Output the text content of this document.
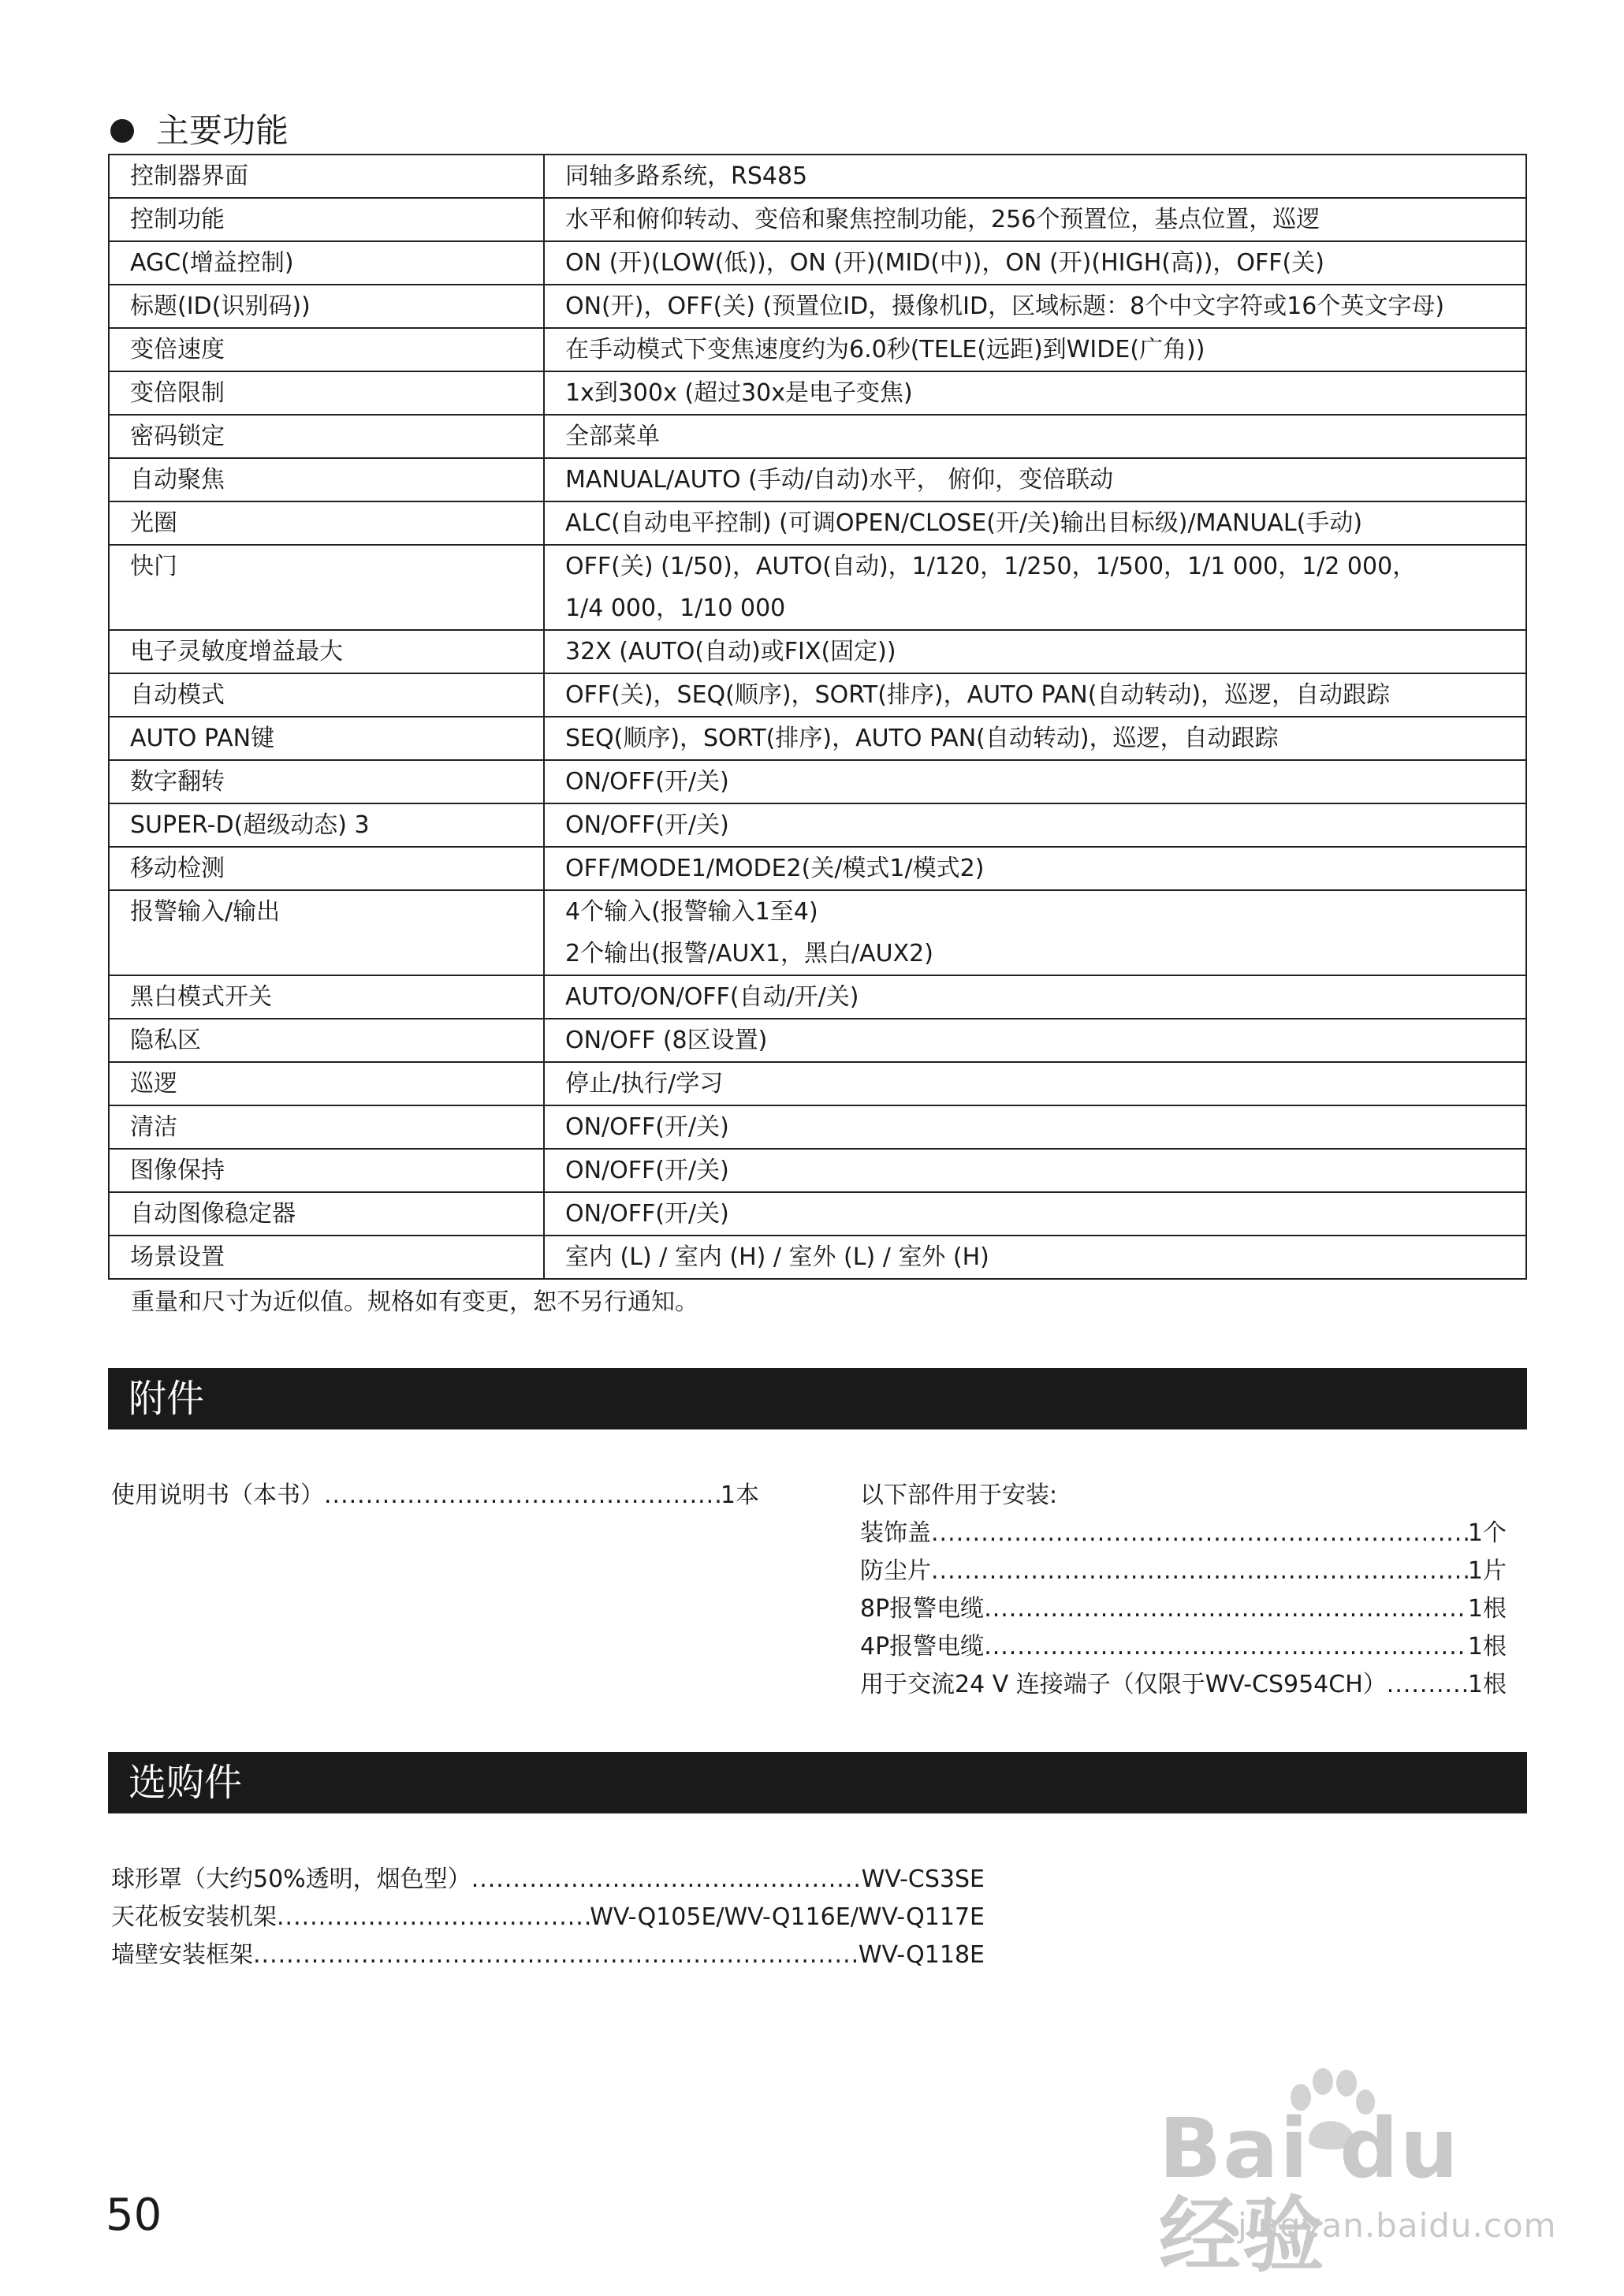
主要功能
控制器界面	同轴多路系统，RS485
控制功能	水平和俯仰转动、变倍和聚焦控制功能，256个预置位，基点位置，巡逻
AGC(增益控制)	ON (开)(LOW(低))，ON (开)(MID(中))，ON (开)(HIGH(高))，OFF(关)
标题(ID(识别码))	ON(开)，OFF(关) (预置位ID，摄像机ID，区域标题：8个中文字符或16个英文字母)
变倍速度	在手动模式下变焦速度约为6.0秒(TELE(远距)到WIDE(广角))
变倍限制	1x到300x (超过30x是电子变焦)
密码锁定	全部菜单
自动聚焦	MANUAL/AUTO (手动/自动)水平， 俯仰，变倍联动
光圈	ALC(自动电平控制) (可调OPEN/CLOSE(开/关)输出目标级)/MANUAL(手动)
快门	OFF(关) (1/50)，AUTO(自动)，1/120，1/250，1/500，1/1 000，1/2 000，
1/4 000，1/10 000

电子灵敏度增益最大	32X (AUTO(自动)或FIX(固定))
自动模式	OFF(关)，SEQ(顺序)，SORT(排序)，AUTO PAN(自动转动)，巡逻，自动跟踪
AUTO PAN键	SEQ(顺序)，SORT(排序)，AUTO PAN(自动转动)，巡逻，自动跟踪
数字翻转	ON/OFF(开/关)
SUPER-D(超级动态) 3	ON/OFF(开/关)
移动检测	OFF/MODE1/MODE2(关/模式1/模式2)
报警输入/输出	4个输入(报警输入1至4)
2个输出(报警/AUX1，黑白/AUX2)

黑白模式开关	AUTO/ON/OFF(自动/开/关)
隐私区	ON/OFF (8区设置)
巡逻	停止/执行/学习
清洁	ON/OFF(开/关)
图像保持	ON/OFF(开/关)
自动图像稳定器	ON/OFF(开/关)
场景设置	室内 (L) / 室内 (H) / 室外 (L) / 室外 (H)
重量和尺寸为近似值。规格如有变更，恕不另行通知。
附件
使用说明书（本书） .....	1本	以下部件用于安装:
装饰盖 .....	1个
防尘片 .....	1片
8P报警电缆 .....	1根
4P报警电缆 .....	1根
用于交流24 V 连接端子（仅限于WV-CS954CH） .....	1根
选购件
球形罩（大约50%透明，烟色型） .....	WV-CS3SE
天花板安装机架 .....	WV-Q105E/WV-Q116E/WV-Q117E
墙壁安装框架 .....	WV-Q118E
50
Bai du 经验
jingyan.baidu.com
